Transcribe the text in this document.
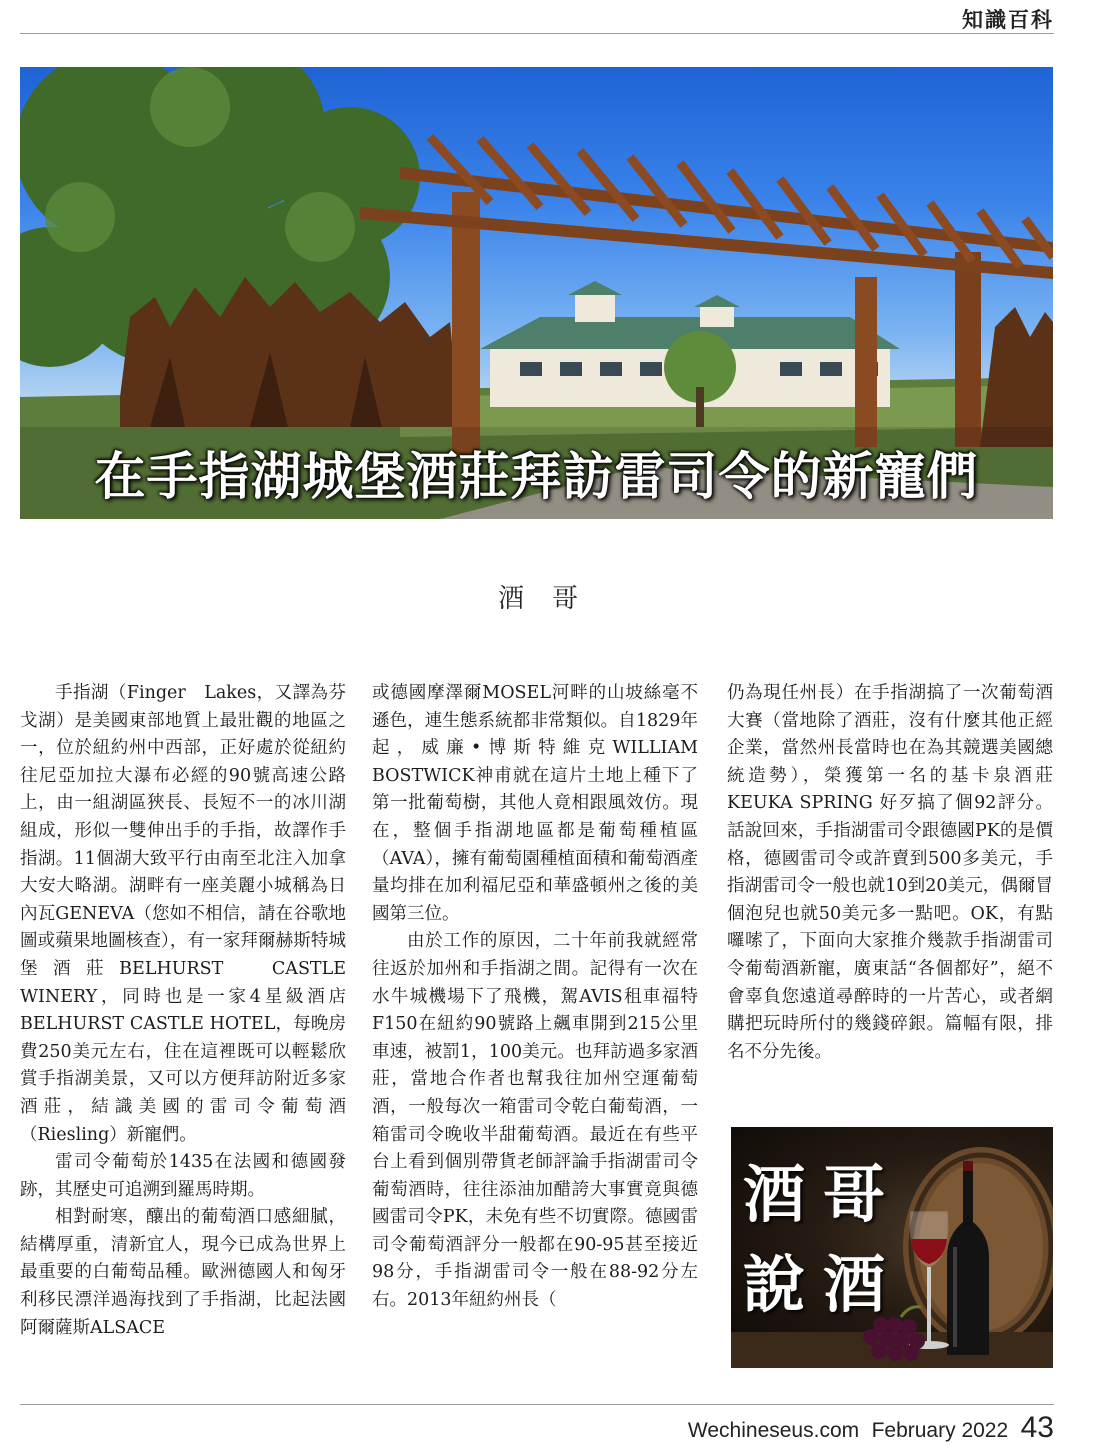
知識百科
在手指湖城堡酒莊拜訪雷司令的新寵們
酒哥

手指湖（Finger　Lakes，又譯為芬戈湖）是美國東部地質上最壯觀的地區之一，位於紐約州中西部，正好處於從紐約往尼亞加拉大瀑布必經的90號高速公路上，由一組湖區狹長、長短不一的冰川湖組成，形似一雙伸出手的手指，故譯作手指湖。11個湖大致平行由南至北注入加拿大安大略湖。湖畔有一座美麗小城稱為日內瓦GENEVA（您如不相信，請在谷歌地圖或蘋果地圖核查），有一家拜爾赫斯特城堡酒莊BELHURST　CASTLE WINERY，同時也是一家4星級酒店BELHURST CASTLE HOTEL，每晚房費250美元左右，住在這裡既可以輕鬆欣賞手指湖美景，又可以方便拜訪附近多家酒莊，結識美國的雷司令葡萄酒（Riesling）新寵們。

雷司令葡萄於1435在法國和德國發跡，其歷史可追溯到羅馬時期。

相對耐寒，釀出的葡萄酒口感細膩，結構厚重，清新宜人，現今已成為世界上最重要的白葡萄品種。歐洲德國人和匈牙利移民漂洋過海找到了手指湖，比起法國阿爾薩斯ALSACE

或德國摩澤爾MOSEL河畔的山坡絲毫不遜色，連生態系統都非常類似。自1829年起，威廉•博斯特維克WILLIAM　BOSTWICK神甫就在這片土地上種下了第一批葡萄樹，其他人竟相跟風效仿。現在，整個手指湖地區都是葡萄種植區（AVA），擁有葡萄園種植面積和葡萄酒產量均排在加利福尼亞和華盛頓州之後的美國第三位。

由於工作的原因，二十年前我就經常往返於加州和手指湖之間。記得有一次在水牛城機場下了飛機，駕AVIS租車福特F150在紐約90號路上飆車開到215公里車速，被罰1，100美元。也拜訪過多家酒莊，當地合作者也幫我往加州空運葡萄酒，一般每次一箱雷司令乾白葡萄酒，一箱雷司令晚收半甜葡萄酒。最近在有些平台上看到個別帶貨老師評論手指湖雷司令葡萄酒時，往往添油加醋誇大事實竟與德國雷司令PK，未免有些不切實際。德國雷司令葡萄酒評分一般都在90-95甚至接近98分，手指湖雷司令一般在88-92分左右。2013年紐約州長（

仍為現任州長）在手指湖搞了一次葡萄酒大賽（當地除了酒莊，沒有什麼其他正經企業，當然州長當時也在為其競選美國總統造勢），榮獲第一名的基卡泉酒莊KEUKA SPRING 好歹搞了個92評分。話說回來，手指湖雷司令跟德國PK的是價格，德國雷司令或許賣到500多美元，手指湖雷司令一般也就10到20美元，偶爾冒個泡兒也就50美元多一點吧。OK，有點囉嗦了，下面向大家推介幾款手指湖雷司令葡萄酒新寵，廣東話“各個都好”，絕不會辜負您遠道尋醉時的一片苦心，或者網購把玩時所付的幾錢碎銀。篇幅有限，排名不分先後。

酒哥
說酒
Wechineseus.com February 2022 43
